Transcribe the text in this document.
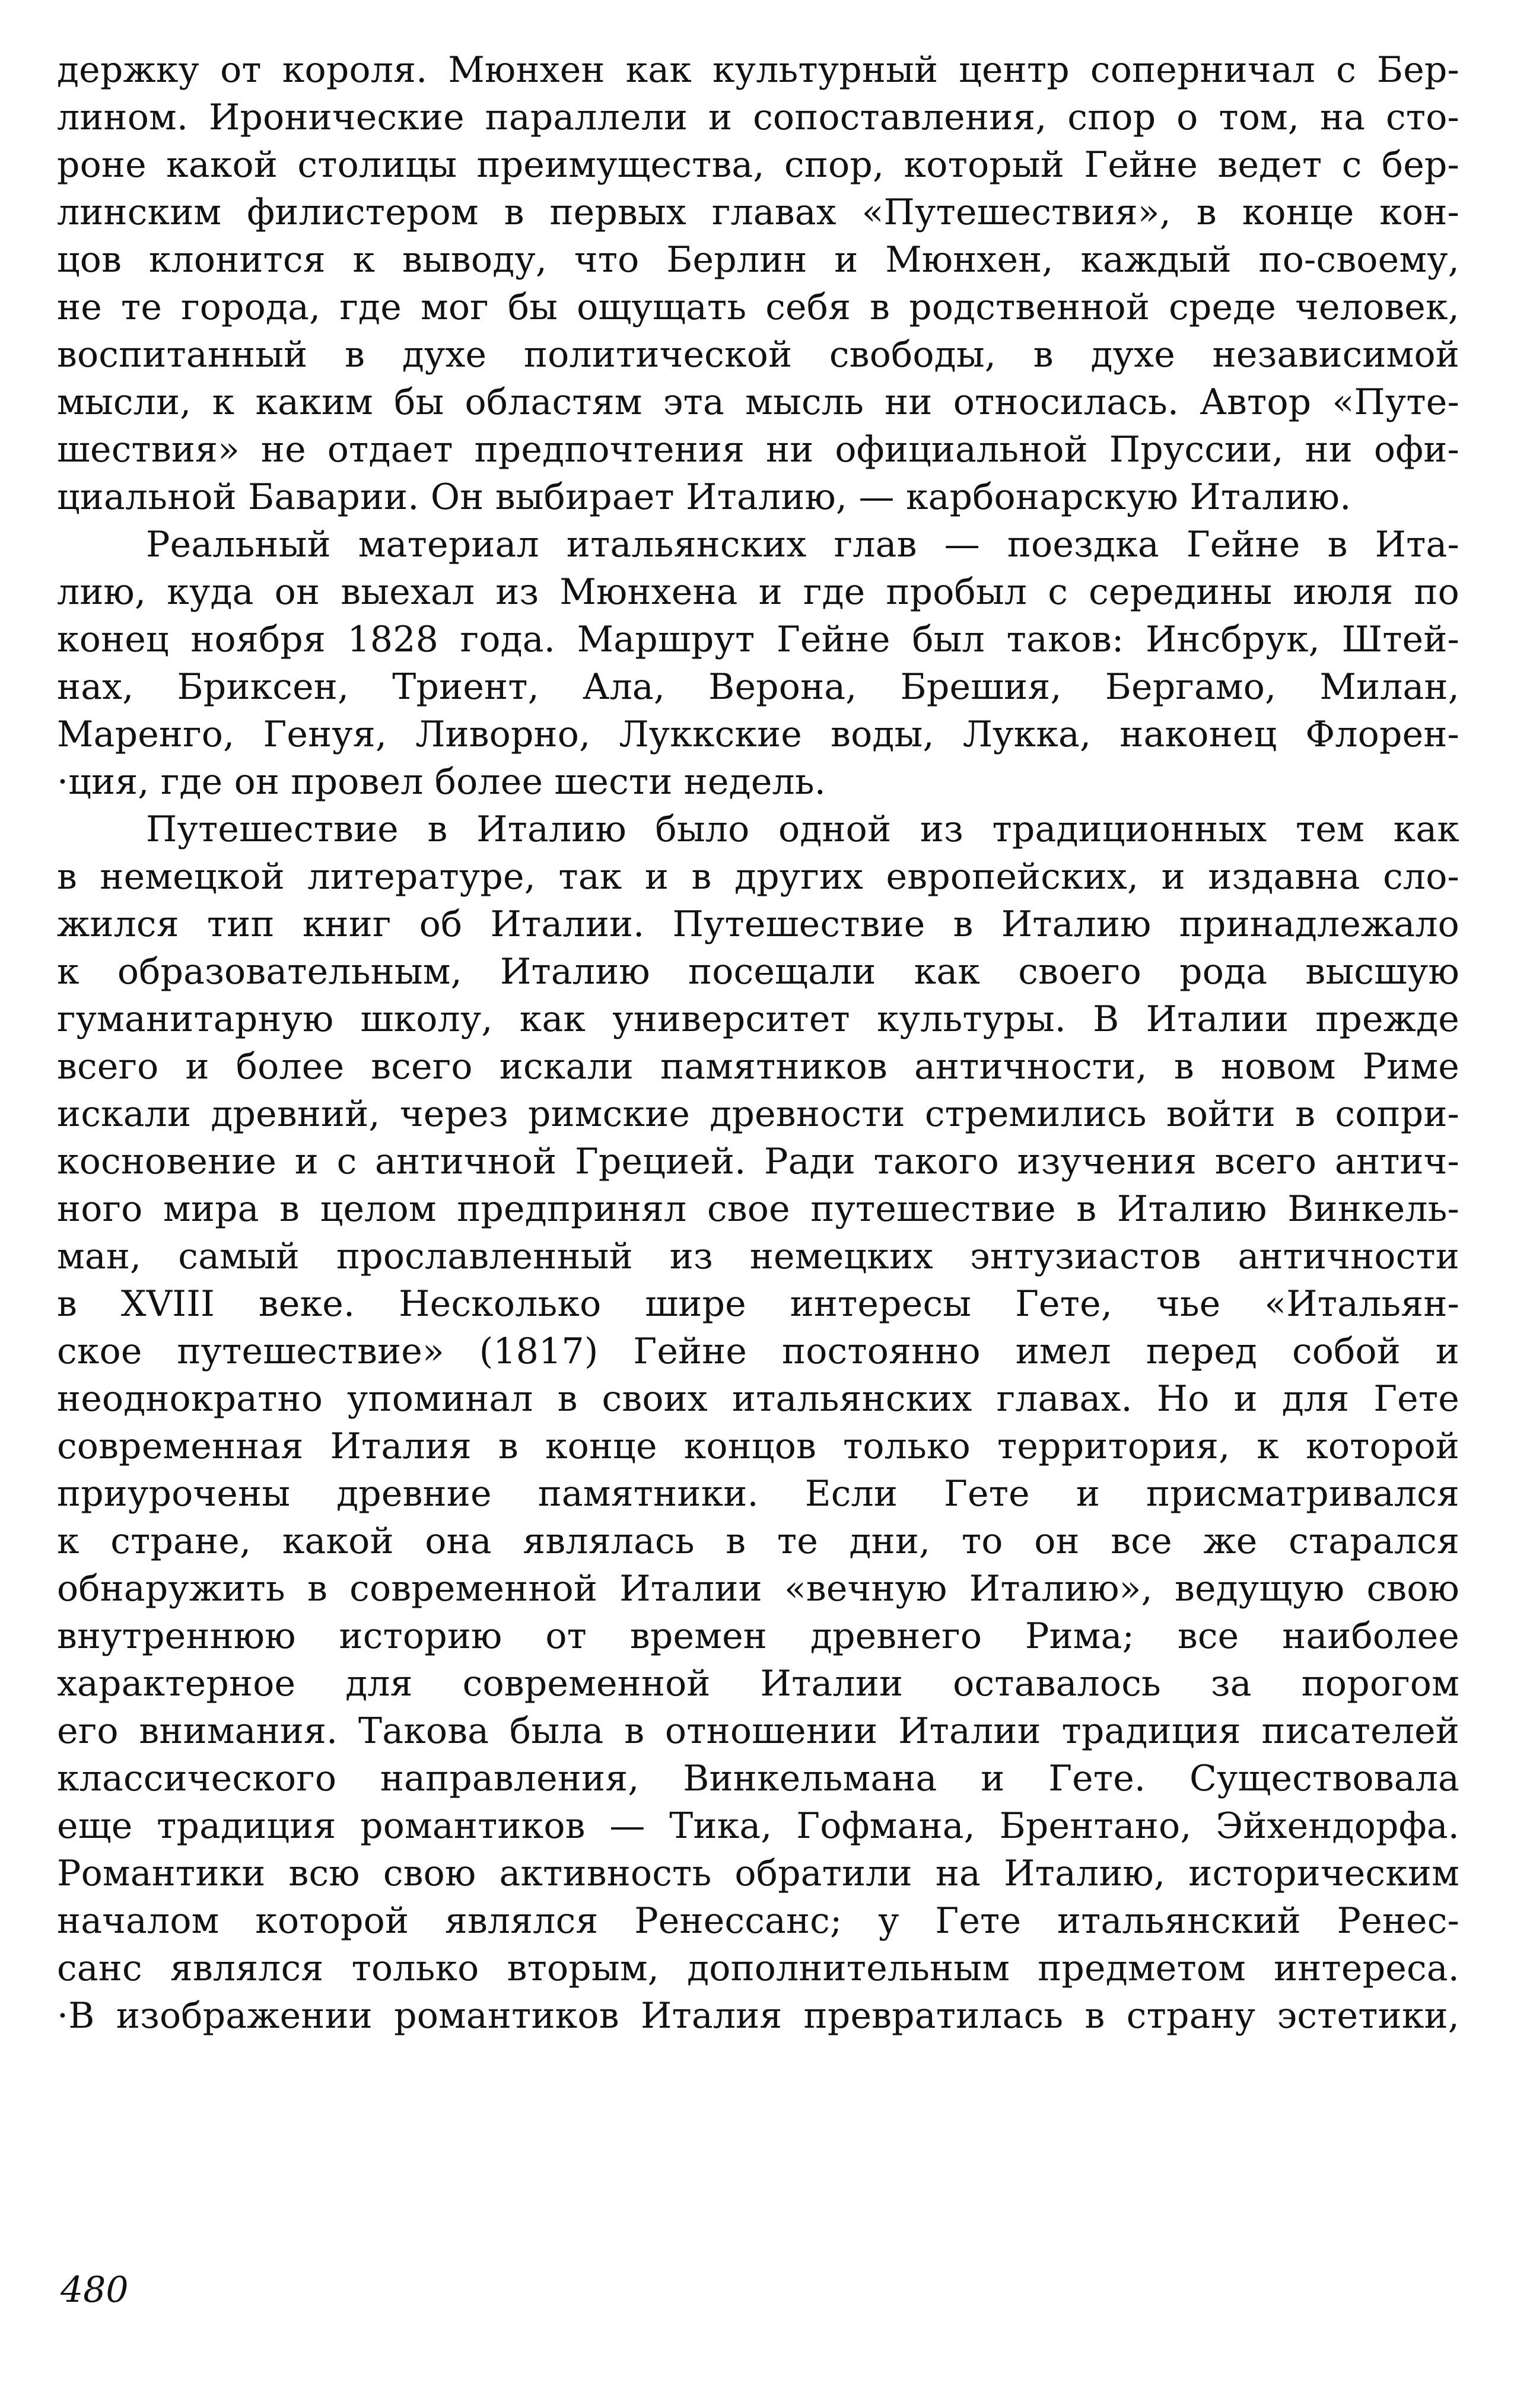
держку от короля. Мюнхен как культурный центр соперничал с Бер-
лином. Иронические параллели и сопоставления, спор о том, на сто-
роне какой столицы преимущества, спор, который Гейне ведет с бер-
линским филистером в первых главах «Путешествия», в конце кон-
цов клонится к выводу, что Берлин и Мюнхен, каждый по-своему,
не те города, где мог бы ощущать себя в родственной среде человек,
воспитанный в духе политической свободы, в духе независимой
мысли, к каким бы областям эта мысль ни относилась. Автор «Путе-
шествия» не отдает предпочтения ни официальной Пруссии, ни офи-
циальной Баварии. Он выбирает Италию, — карбонарскую Италию.
Реальный материал итальянских глав — поездка Гейне в Ита-
лию, куда он выехал из Мюнхена и где пробыл с середины июля по
конец ноября 1828 года. Маршрут Гейне был таков: Инсбрук, Штей-
нах, Бриксен, Триент, Ала, Верона, Брешия, Бергамо, Милан,
Маренго, Генуя, Ливорно, Луккские воды, Лукка, наконец Флорен-
·ция, где он провел более шести недель.
Путешествие в Италию было одной из традиционных тем как
в немецкой литературе, так и в других европейских, и издавна сло-
жился тип книг об Италии. Путешествие в Италию принадлежало
к образовательным, Италию посещали как своего рода высшую
гуманитарную школу, как университет культуры. В Италии прежде
всего и более всего искали памятников античности, в новом Риме
искали древний, через римские древности стремились войти в сопри-
косновение и с античной Грецией. Ради такого изучения всего антич-
ного мира в целом предпринял свое путешествие в Италию Винкель-
ман, самый прославленный из немецких энтузиастов античности
в XVIII веке. Несколько шире интересы Гете, чье «Итальян-
ское путешествие» (1817) Гейне постоянно имел перед собой и
неоднократно упоминал в своих итальянских главах. Но и для Гете
современная Италия в конце концов только территория, к которой
приурочены древние памятники. Если Гете и присматривался
к стране, какой она являлась в те дни, то он все же старался
обнаружить в современной Италии «вечную Италию», ведущую свою
внутреннюю историю от времен древнего Рима; все наиболее
характерное для современной Италии оставалось за порогом
его внимания. Такова была в отношении Италии традиция писателей
классического направления, Винкельмана и Гете. Существовала
еще традиция романтиков — Тика, Гофмана, Брентано, Эйхендорфа.
Романтики всю свою активность обратили на Италию, историческим
началом которой являлся Ренессанс; у Гете итальянский Ренес-
санс являлся только вторым, дополнительным предметом интереса.
·В изображении романтиков Италия превратилась в страну эстетики,
480
